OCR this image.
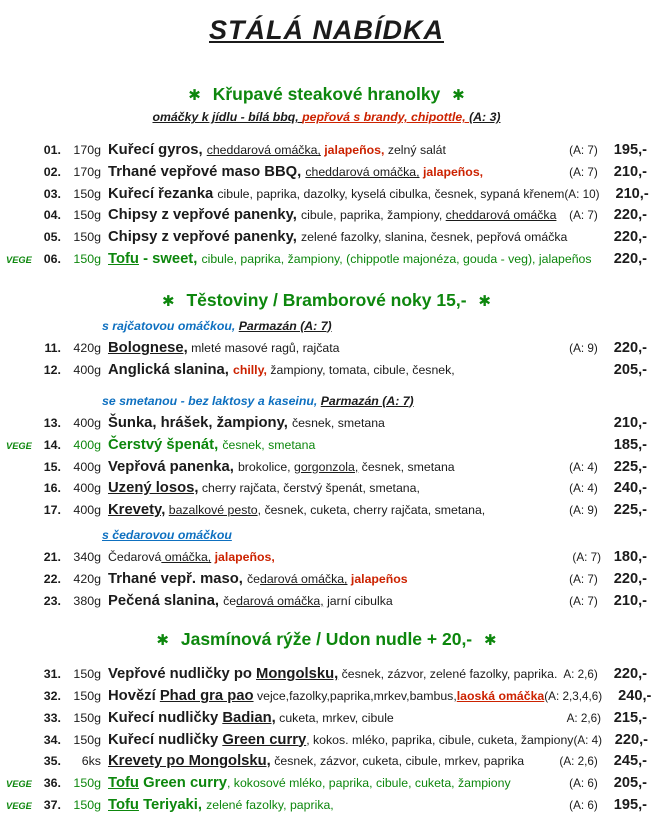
STÁLÁ NABÍDKA
✱ Křupavé steakové hranolky ✱
omáčky k jídlu - bílá bbq, pepřová s brandy, chipottle, (A: 3)
01.	170g Kuřecí gyros, cheddarová omáčka, jalapeños, zelný salát	(A: 7) 195,-
02.	170g Trhané vepřové maso BBQ, cheddarová omáčka, jalapeños,	(A: 7) 210,-
03.	150g Kuřecí řezanka cibule, paprika, dazolky, kyselá cibulka, česnek, sypaná křenem (A: 10) 210,-
04.	150g Chipsy z vepřové panenky, cibule, paprika, žampiony, cheddarová omáčka	(A: 7) 220,-
05.	150g Chipsy z vepřové panenky, zelené fazolky, slanina, česnek, pepřová omáčka	220,-
VEGE 06.	150g Tofu - sweet, cibule, paprika, žampiony, (chippotle majonéza, gouda - veg), jalapeños	220,-
✱ Těstoviny / Bramborové noky 15,- ✱
s rajčatovou omáčkou, Parmazán (A: 7)
11.	420g Bolognese, mleté masové ragů, rajčata	(A: 9) 220,-
12.	400g Anglická slanina, chilly, žampiony, tomata, cibule, česnek,	205,-
se smetanou - bez laktosy a kaseinu, Parmazán (A: 7)
13.	400g Šunka, hrášek, žampiony, česnek, smetana	210,-
VEGE 14.	400g Čerstvý špenát, česnek, smetana	185,-
15.	400g Vepřová panenka, brokolice, gorgonzola, česnek, smetana	(A: 4) 225,-
16.	400g Uzený losos, cherry rajčata, čerstvý špenát, smetana,	(A: 4) 240,-
17.	400g Krevety, bazalkové pesto, česnek, cuketa, cherry rajčata, smetana,	(A: 9) 225,-
s čedarovou omáčkou
21.	340g Čedarová omáčka, jalapeños,	(A: 7) 180,-
22.	420g Trhané vepř. maso, čedarová omáčka, jalapeños	(A: 7) 220,-
23.	380g Pečená slanina, čedarová omáčka, jarní cibulka	(A: 7) 210,-
✱ Jasmínová rýže / Udon nudle + 20,- ✱
31.	150g Vepřové nudličky po Mongolsku, česnek, zázvor, zelené fazolky, paprika. A: 2,6) 220,-
32.	150g Hovězí Phad gra pao vejce,fazolky,paprika,mrkev,bambus,laoská omáčka (A: 2,3,4,6) 240,-
33.	150g Kuřecí nudličky Badian, cuketa, mrkev, cibule	A: 2,6) 215,-
34.	150g Kuřecí nudličky Green curry, kokos. mléko, paprika, cibule, cuketa, žampiony (A: 4) 220,-
35.	6ks Krevety po Mongolsku, česnek, zázvor, cuketa, cibule, mrkev, paprika	(A: 2,6) 245,-
VEGE 36.	150g Tofu Green curry, kokosové mléko, paprika, cibule, cuketa, žampiony	(A: 6) 205,-
VEGE 37.	150g Tofu Teriyaki, zelené fazolky, paprika,	(A: 6) 195,-
